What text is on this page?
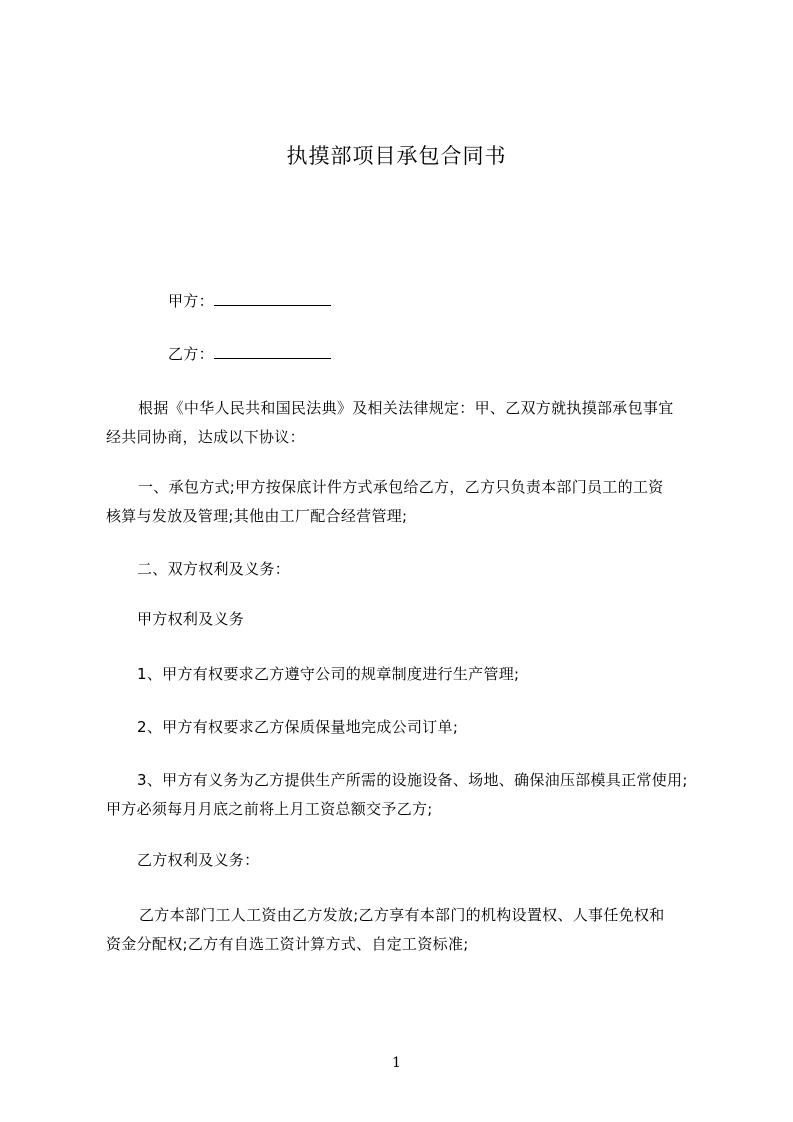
执摸部项目承包合同书
甲方：
乙方：
根据《中华人民共和国民法典》及相关法律规定：甲、乙双方就执摸部承包事宜
经共同协商，达成以下协议：
一、承包方式;甲方按保底计件方式承包给乙方，乙方只负责本部门员工的工资
核算与发放及管理;其他由工厂配合经营管理;
二、双方权利及义务：
甲方权利及义务
1、甲方有权要求乙方遵守公司的规章制度进行生产管理;
2、甲方有权要求乙方保质保量地完成公司订单;
3、甲方有义务为乙方提供生产所需的设施设备、场地、确保油压部模具正常使用;
甲方必须每月月底之前将上月工资总额交予乙方;
乙方权利及义务：
乙方本部门工人工资由乙方发放;乙方享有本部门的机构设置权、人事任免权和
资金分配权;乙方有自选工资计算方式、自定工资标准;
1
